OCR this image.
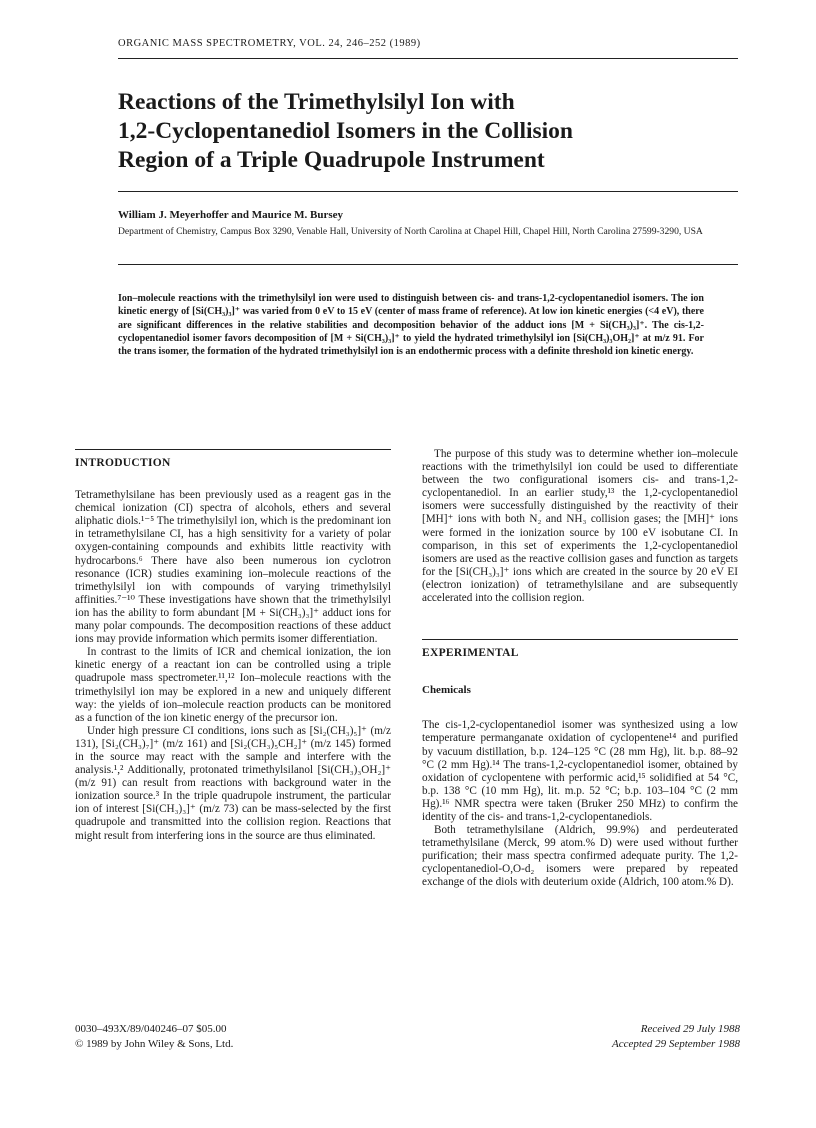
ORGANIC MASS SPECTROMETRY, VOL. 24, 246–252 (1989)
Reactions of the Trimethylsilyl Ion with
1,2-Cyclopentanediol Isomers in the Collision
Region of a Triple Quadrupole Instrument
William J. Meyerhoffer and Maurice M. Bursey
Department of Chemistry, Campus Box 3290, Venable Hall, University of North Carolina at Chapel Hill, Chapel Hill, North Carolina 27599-3290, USA

Ion–molecule reactions with the trimethylsilyl ion were used to distinguish between cis- and trans-1,2-cyclopentanediol isomers. The ion kinetic energy of [Si(CH₃)₃]⁺ was varied from 0 eV to 15 eV (center of mass frame of reference). At low ion kinetic energies (<4 eV), there are significant differences in the relative stabilities and decomposition behavior of the adduct ions [M + Si(CH₃)₃]⁺. The cis-1,2-cyclopentanediol isomer favors decomposition of [M + Si(CH₃)₃]⁺ to yield the hydrated trimethylsilyl ion [Si(CH₃)₃OH₂]⁺ at m/z 91. For the trans isomer, the formation of the hydrated trimethylsilyl ion is an endothermic process with a definite threshold ion kinetic energy.

INTRODUCTION

Tetramethylsilane has been previously used as a reagent gas in the chemical ionization (CI) spectra of alcohols, ethers and several aliphatic diols.¹⁻⁵ The trimethylsilyl ion, which is the predominant ion in tetramethylsilane CI, has a high sensitivity for a variety of polar oxygen-containing compounds and exhibits little reactivity with hydrocarbons.⁶ There have also been numerous ion cyclotron resonance (ICR) studies examining ion–molecule reactions of the trimethylsilyl ion with compounds of varying trimethylsilyl affinities.⁷⁻¹⁰ These investigations have shown that the trimethylsilyl ion has the ability to form abundant [M + Si(CH₃)₃]⁺ adduct ions for many polar compounds. The decomposition reactions of these adduct ions may provide information which permits isomer differentiation.

In contrast to the limits of ICR and chemical ionization, the ion kinetic energy of a reactant ion can be controlled using a triple quadrupole mass spectrometer.¹¹,¹² Ion–molecule reactions with the trimethylsilyl ion may be explored in a new and uniquely different way: the yields of ion–molecule reaction products can be monitored as a function of the ion kinetic energy of the precursor ion.

Under high pressure CI conditions, ions such as [Si₂(CH₃)₅]⁺ (m/z 131), [Si₂(CH₃)₇]⁺ (m/z 161) and [Si₂(CH₃)₅CH₂]⁺ (m/z 145) formed in the source may react with the sample and interfere with the analysis.¹,² Additionally, protonated trimethylsilanol [Si(CH₃)₃OH₂]⁺ (m/z 91) can result from reactions with background water in the ionization source.³ In the triple quadrupole instrument, the particular ion of interest [Si(CH₃)₃]⁺ (m/z 73) can be mass-selected by the first quadrupole and transmitted into the collision region. Reactions that might result from interfering ions in the source are thus eliminated.

The purpose of this study was to determine whether ion–molecule reactions with the trimethylsilyl ion could be used to differentiate between the two configurational isomers cis- and trans-1,2-cyclopentanediol. In an earlier study,¹³ the 1,2-cyclopentanediol isomers were successfully distinguished by the reactivity of their [MH]⁺ ions with both N₂ and NH₃ collision gases; the [MH]⁺ ions were formed in the ionization source by 100 eV isobutane CI. In comparison, in this set of experiments the 1,2-cyclopentanediol isomers are used as the reactive collision gases and function as targets for the [Si(CH₃)₃]⁺ ions which are created in the source by 20 eV EI (electron ionization) of tetramethylsilane and are subsequently accelerated into the collision region.

EXPERIMENTAL
Chemicals

The cis-1,2-cyclopentanediol isomer was synthesized using a low temperature permanganate oxidation of cyclopentene¹⁴ and purified by vacuum distillation, b.p. 124–125 °C (28 mm Hg), lit. b.p. 88–92 °C (2 mm Hg).¹⁴ The trans-1,2-cyclopentanediol isomer, obtained by oxidation of cyclopentene with performic acid,¹⁵ solidified at 54 °C, b.p. 138 °C (10 mm Hg), lit. m.p. 52 °C; b.p. 103–104 °C (2 mm Hg).¹⁶ NMR spectra were taken (Bruker 250 MHz) to confirm the identity of the cis- and trans-1,2-cyclopentanediols.

Both tetramethylsilane (Aldrich, 99.9%) and perdeuterated tetramethylsilane (Merck, 99 atom.% D) were used without further purification; their mass spectra confirmed adequate purity. The 1,2-cyclopentanediol-O,O-d₂ isomers were prepared by repeated exchange of the diols with deuterium oxide (Aldrich, 100 atom.% D).

0030–493X/89/040246–07 $05.00
© 1989 by John Wiley & Sons, Ltd.
Received 29 July 1988
Accepted 29 September 1988
